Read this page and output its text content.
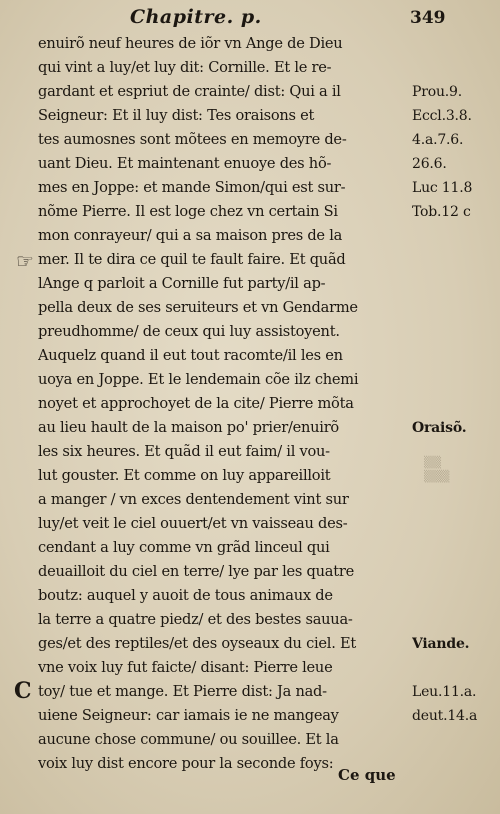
Chapitre. p.	349
▒▒
▒▒▒
enuirõ neuf heures de iõr vn Ange de Dieu
qui vint a luy/et luy dit: Cornille. Et le re-
gardant et espriut de crainte/ dist: Qui a il
Seigneur: Et il luy dist: Tes oraisons et
tes aumosnes sont mõtees en memoyre de-
uant Dieu. Et maintenant enuoye des hõ-
mes en Joppe: et mande Simon/qui est sur-
nõme Pierre. Il est loge chez vn certain Si
mon conrayeur/ qui a sa maison pres de la
mer. Il te dira ce quil te fault faire. Et quãd
lAnge q parloit a Cornille fut party/il ap-
pella deux de ses seruiteurs et vn Gendarme
preudhomme/ de ceux qui luy assistoyent.
Auquelz quand il eut tout racomte/il les en
uoya en Joppe. Et le lendemain cõe ilz chemi
noyet et approchoyet de la cite/ Pierre mõta
au lieu hault de la maison po' prier/enuirõ
les six heures. Et quãd il eut faim/ il vou-
lut gouster. Et comme on luy appareilloit
a manger / vn exces dentendement vint sur
luy/et veit le ciel ouuert/et vn vaisseau des-
cendant a luy comme vn grãd linceul qui
deuailloit du ciel en terre/ lye par les quatre
boutz: auquel y auoit de tous animaux de
la terre a quatre piedz/ et des bestes sauua-
ges/et des reptiles/et des oyseaux du ciel. Et
vne voix luy fut faicte/ disant: Pierre leue
toy/ tue et mange. Et Pierre dist: Ja nad-
uiene Seigneur: car iamais ie ne mangeay
aucune chose commune/ ou souillee. Et la
voix luy dist encore pour la seconde foys:
☞
C
Prou.9.
Eccl.3.8.
4.a.7.6.
26.6.
Luc 11.8
Tob.12 c
Oraisõ.
Viande.
Leu.11.a.
deut.14.a
Ce que
